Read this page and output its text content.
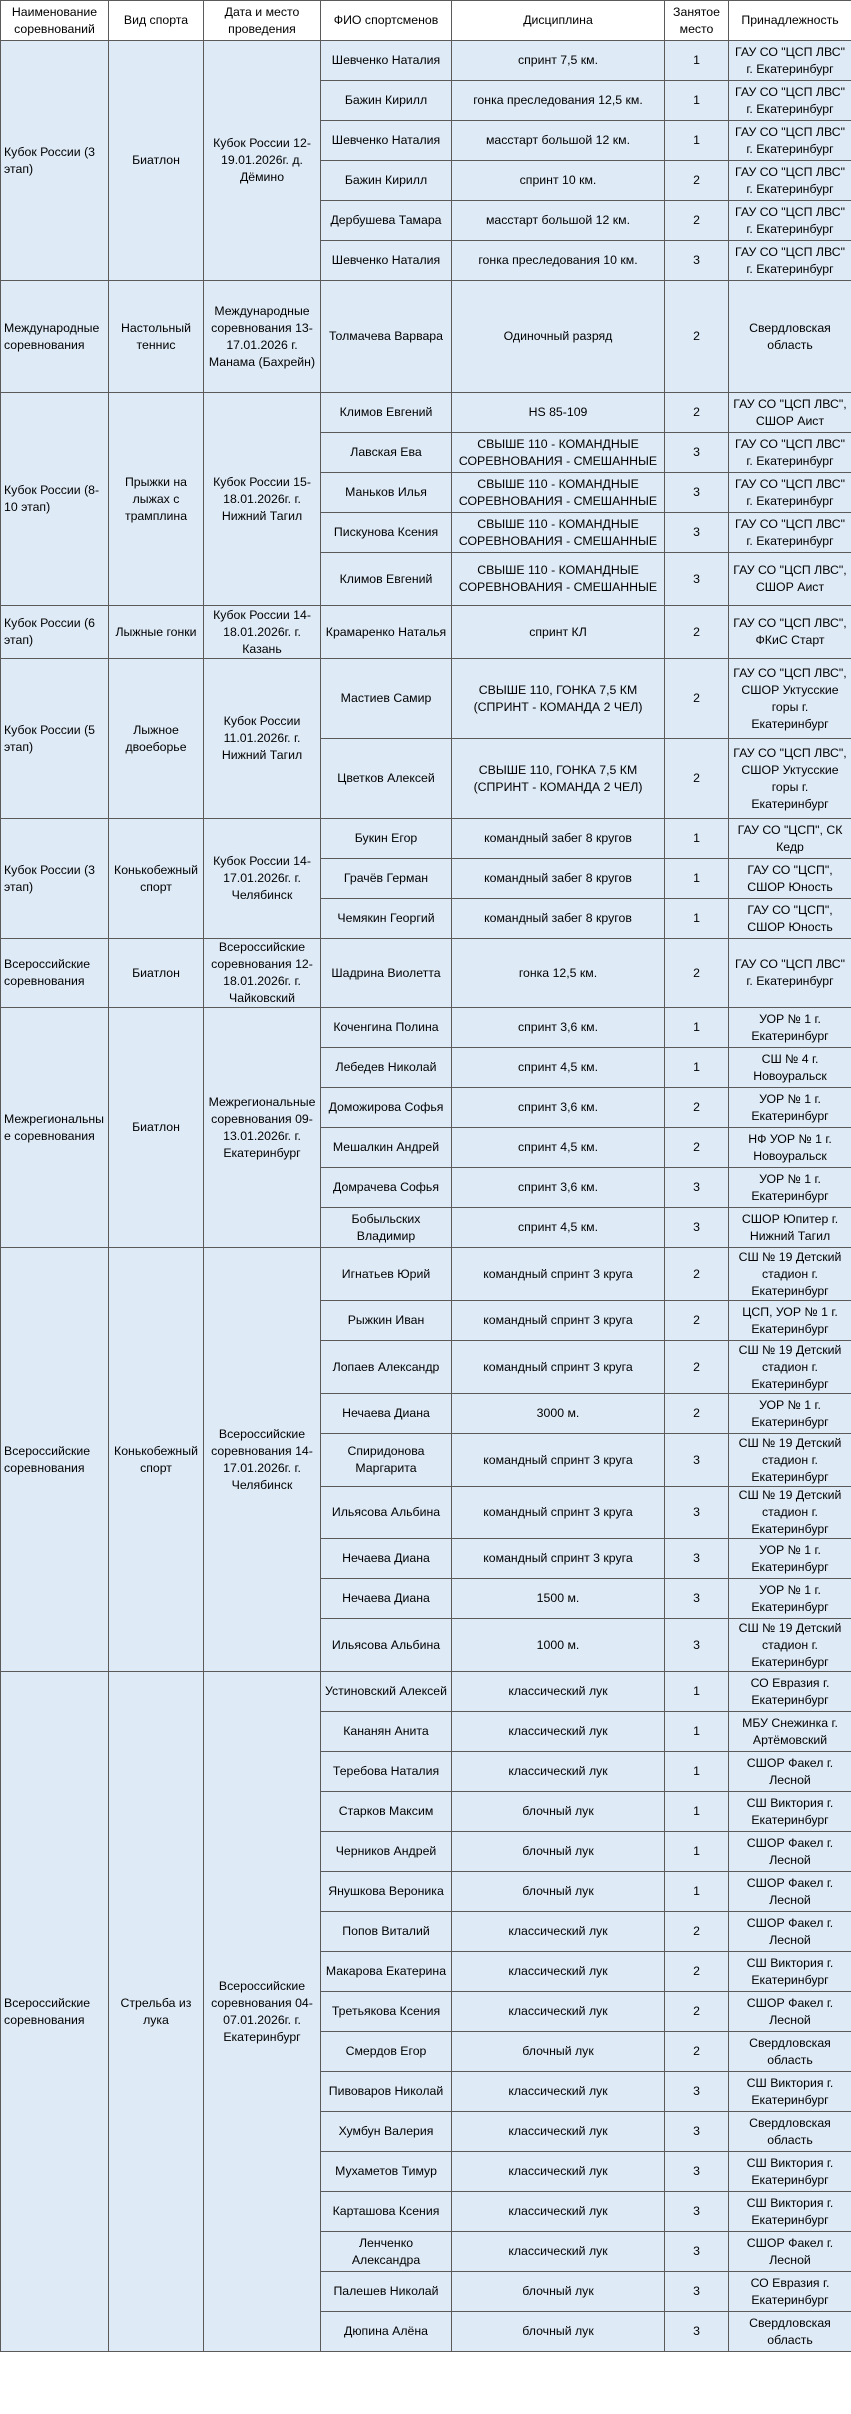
Наименование соревнований	Вид спорта	Дата и место проведения	ФИО спортсменов	Дисциплина	Занятое место	Принадлежность
Кубок России (3 этап)	Биатлон	Кубок России 12-19.01.2026г. д. Дёмино	Шевченко Наталия	спринт 7,5 км.	1	ГАУ СО "ЦСП ЛВС" г. Екатеринбург
			Бажин Кирилл	гонка преследования 12,5 км.	1	ГАУ СО "ЦСП ЛВС" г. Екатеринбург
			Шевченко Наталия	масстарт большой 12 км.	1	ГАУ СО "ЦСП ЛВС" г. Екатеринбург
			Бажин Кирилл	спринт 10 км.	2	ГАУ СО "ЦСП ЛВС" г. Екатеринбург
			Дербушева Тамара	масстарт большой 12 км.	2	ГАУ СО "ЦСП ЛВС" г. Екатеринбург
			Шевченко Наталия	гонка преследования 10 км.	3	ГАУ СО "ЦСП ЛВС" г. Екатеринбург
Международные соревнования	Настольный теннис	Международные соревнования 13-17.01.2026 г. Манама (Бахрейн)	Толмачева Варвара	Одиночный разряд	2	Свердловская область
Кубок России (8-10 этап)	Прыжки на лыжах с трамплина	Кубок России 15-18.01.2026г. г. Нижний Тагил	Климов Евгений	HS 85-109	2	ГАУ СО "ЦСП ЛВС", СШОР Аист
			Лавская Ева	СВЫШЕ 110 - КОМАНДНЫЕ СОРЕВНОВАНИЯ - СМЕШАННЫЕ	3	ГАУ СО "ЦСП ЛВС" г. Екатеринбург
			Маньков Илья	СВЫШЕ 110 - КОМАНДНЫЕ СОРЕВНОВАНИЯ - СМЕШАННЫЕ	3	ГАУ СО "ЦСП ЛВС" г. Екатеринбург
			Пискунова Ксения	СВЫШЕ 110 - КОМАНДНЫЕ СОРЕВНОВАНИЯ - СМЕШАННЫЕ	3	ГАУ СО "ЦСП ЛВС" г. Екатеринбург
			Климов Евгений	СВЫШЕ 110 - КОМАНДНЫЕ СОРЕВНОВАНИЯ - СМЕШАННЫЕ	3	ГАУ СО "ЦСП ЛВС", СШОР Аист
Кубок России (6 этап)	Лыжные гонки	Кубок России 14-18.01.2026г. г. Казань	Крамаренко Наталья	спринт КЛ	2	ГАУ СО "ЦСП ЛВС", ФКиС Старт
Кубок России (5 этап)	Лыжное двоеборье	Кубок России 11.01.2026г. г. Нижний Тагил	Мастиев Самир	СВЫШЕ 110, ГОНКА 7,5 КМ (СПРИНТ - КОМАНДА 2 ЧЕЛ)	2	ГАУ СО "ЦСП ЛВС", СШОР Уктусские горы г. Екатеринбург
			Цветков Алексей	СВЫШЕ 110, ГОНКА 7,5 КМ (СПРИНТ - КОМАНДА 2 ЧЕЛ)	2	ГАУ СО "ЦСП ЛВС", СШОР Уктусские горы г. Екатеринбург
Кубок России (3 этап)	Конькобежный спорт	Кубок России 14-17.01.2026г. г. Челябинск	Букин Егор	командный забег 8 кругов	1	ГАУ СО "ЦСП", СК Кедр
			Грачёв Герман	командный забег 8 кругов	1	ГАУ СО "ЦСП", СШОР Юность
			Чемякин Георгий	командный забег 8 кругов	1	ГАУ СО "ЦСП", СШОР Юность
Всероссийские соревнования	Биатлон	Всероссийские соревнования 12-18.01.2026г. г. Чайковский	Шадрина Виолетта	гонка 12,5 км.	2	ГАУ СО "ЦСП ЛВС" г. Екатеринбург
Межрегиональные соревнования	Биатлон	Межрегиональные соревнования 09-13.01.2026г. г. Екатеринбург	Коченгина Полина	спринт 3,6 км.	1	УОР № 1 г. Екатеринбург
			Лебедев Николай	спринт 4,5 км.	1	СШ № 4 г. Новоуральск
			Доможирова Софья	спринт 3,6 км.	2	УОР № 1 г. Екатеринбург
			Мешалкин Андрей	спринт 4,5 км.	2	НФ УОР № 1 г. Новоуральск
			Домрачева Софья	спринт 3,6 км.	3	УОР № 1 г. Екатеринбург
			Бобыльских Владимир	спринт 4,5 км.	3	СШОР Юпитер г. Нижний Тагил
Всероссийские соревнования	Конькобежный спорт	Всероссийские соревнования 14-17.01.2026г. г. Челябинск	Игнатьев Юрий	командный спринт 3 круга	2	СШ № 19 Детский стадион г. Екатеринбург
			Рыжкин Иван	командный спринт 3 круга	2	ЦСП, УОР № 1 г. Екатеринбург
			Лопаев Александр	командный спринт 3 круга	2	СШ № 19 Детский стадион г. Екатеринбург
			Нечаева Диана	3000 м.	2	УОР № 1 г. Екатеринбург
			Спиридонова Маргарита	командный спринт 3 круга	3	СШ № 19 Детский стадион г. Екатеринбург
			Ильясова Альбина	командный спринт 3 круга	3	СШ № 19 Детский стадион г. Екатеринбург
			Нечаева Диана	командный спринт 3 круга	3	УОР № 1 г. Екатеринбург
			Нечаева Диана	1500 м.	3	УОР № 1 г. Екатеринбург
			Ильясова Альбина	1000 м.	3	СШ № 19 Детский стадион г. Екатеринбург
Всероссийские соревнования	Стрельба из лука	Всероссийские соревнования 04-07.01.2026г. г. Екатеринбург	Устиновский Алексей	классический лук	1	СО Евразия г. Екатеринбург
			Кананян Анита	классический лук	1	МБУ Снежинка г. Артёмовский
			Теребова Наталия	классический лук	1	СШОР Факел г. Лесной
			Старков Максим	блочный лук	1	СШ Виктория г. Екатеринбург
			Черников Андрей	блочный лук	1	СШОР Факел г. Лесной
			Янушкова Вероника	блочный лук	1	СШОР Факел г. Лесной
			Попов Виталий	классический лук	2	СШОР Факел г. Лесной
			Макарова Екатерина	классический лук	2	СШ Виктория г. Екатеринбург
			Третьякова Ксения	классический лук	2	СШОР Факел г. Лесной
			Смердов Егор	блочный лук	2	Свердловская область
			Пивоваров Николай	классический лук	3	СШ Виктория г. Екатеринбург
			Хумбун Валерия	классический лук	3	Свердловская область
			Мухаметов Тимур	классический лук	3	СШ Виктория г. Екатеринбург
			Карташова Ксения	классический лук	3	СШ Виктория г. Екатеринбург
			Ленченко Александра	классический лук	3	СШОР Факел г. Лесной
			Палешев Николай	блочный лук	3	СО Евразия г. Екатеринбург
			Дюпина Алёна	блочный лук	3	Свердловская область
